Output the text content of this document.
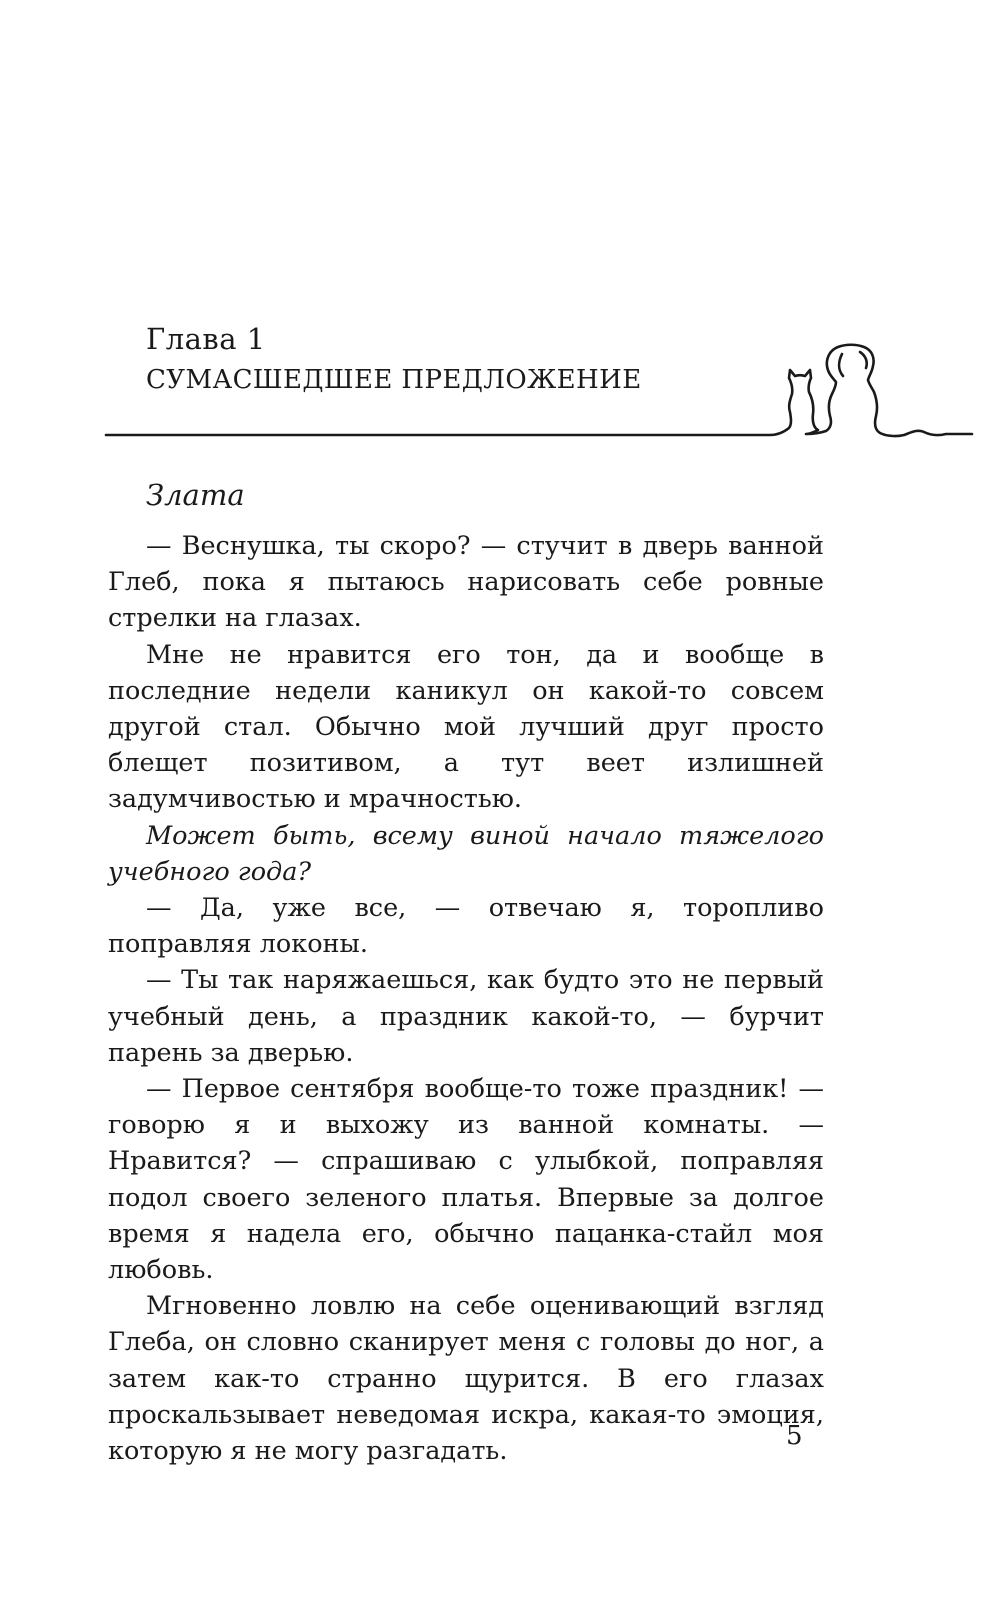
Глава 1
СУМАСШЕДШЕЕ ПРЕДЛОЖЕНИЕ
Злата

— Веснушка, ты скоро? — стучит в дверь ванной Глеб, пока я пытаюсь нарисовать себе ровные стрелки на глазах.

Мне не нравится его тон, да и вообще в последние недели каникул он какой-то совсем другой стал. Обычно мой лучший друг просто блещет позитивом, а тут веет излишней задумчивостью и мрачностью.

Может быть, всему виной начало тяжелого учебного года?

— Да, уже все, — отвечаю я, торопливо поправляя локоны.

— Ты так наряжаешься, как будто это не первый учебный день, а праздник какой-то, — бурчит парень за дверью.

— Первое сентября вообще-то тоже праздник! — говорю я и выхожу из ванной комнаты. — Нравится? — спрашиваю с улыбкой, поправляя подол своего зеленого платья. Впервые за долгое время я надела его, обычно пацанка-стайл моя любовь.

Мгновенно ловлю на себе оценивающий взгляд Глеба, он словно сканирует меня с головы до ног, а затем как-то странно щурится. В его глазах проскальзывает неведомая искра, какая-то эмоция, которую я не могу разгадать.

5
